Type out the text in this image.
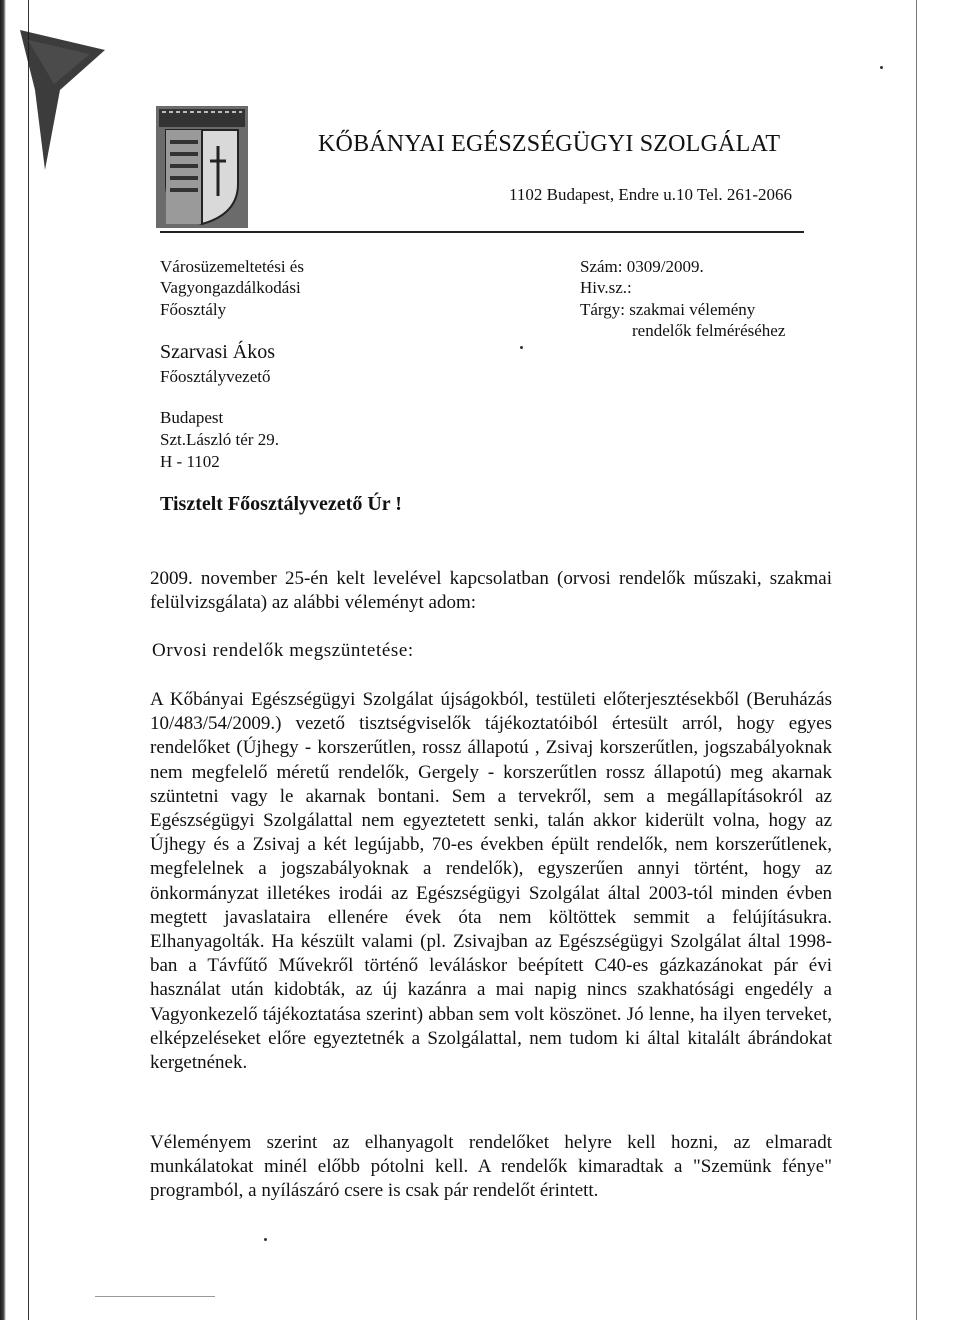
KŐBÁNYAI EGÉSZSÉGÜGYI SZOLGÁLAT
1102 Budapest, Endre u.10 Tel. 261-2066
Városüzemeltetési és
Vagyongazdálkodási
Főosztály
Szarvasi Ákos
Főosztályvezető
Budapest
Szt.László tér 29.
H - 1102
Szám: 0309/2009.
Hiv.sz.:
Tárgy: szakmai vélemény
rendelők felméréséhez
Tisztelt Főosztályvezető Úr !
2009. november 25-én kelt levelével kapcsolatban (orvosi rendelők műszaki, szakmai felülvizsgálata) az alábbi véleményt adom:
Orvosi rendelők megszüntetése:
A Kőbányai Egészségügyi Szolgálat újságokból, testületi előterjesztésekből (Beruházás 10/483/54/2009.) vezető tisztségviselők tájékoztatóiból értesült arról, hogy egyes rendelőket (Újhegy - korszerűtlen, rossz állapotú , Zsivaj korszerűtlen, jogszabályoknak nem megfelelő méretű rendelők, Gergely - korszerűtlen rossz állapotú) meg akarnak szüntetni vagy le akarnak bontani. Sem a tervekről, sem a megállapításokról az Egészségügyi Szolgálattal nem egyeztetett senki, talán akkor kiderült volna, hogy az Újhegy és a Zsivaj a két legújabb, 70-es években épült rendelők, nem korszerűtlenek, megfelelnek a jogszabályoknak a rendelők), egyszerűen annyi történt, hogy az önkormányzat illetékes irodái az Egészségügyi Szolgálat által 2003-tól minden évben megtett javaslataira ellenére évek óta nem költöttek semmit a felújításukra. Elhanyagolták. Ha készült valami (pl. Zsivajban az Egészségügyi Szolgálat által 1998-ban a Távfűtő Művekről történő leváláskor beépített C40-es gázkazánokat pár évi használat után kidobták, az új kazánra a mai napig nincs szakhatósági engedély a Vagyonkezelő tájékoztatása szerint) abban sem volt köszönet. Jó lenne, ha ilyen terveket, elképzeléseket előre egyeztetnék a Szolgálattal, nem tudom ki által kitalált ábrándokat kergetnének.
Véleményem szerint az elhanyagolt rendelőket helyre kell hozni, az elmaradt munkálatokat minél előbb pótolni kell. A rendelők kimaradtak a "Szemünk fénye" programból, a nyílászáró csere is csak pár rendelőt érintett.
